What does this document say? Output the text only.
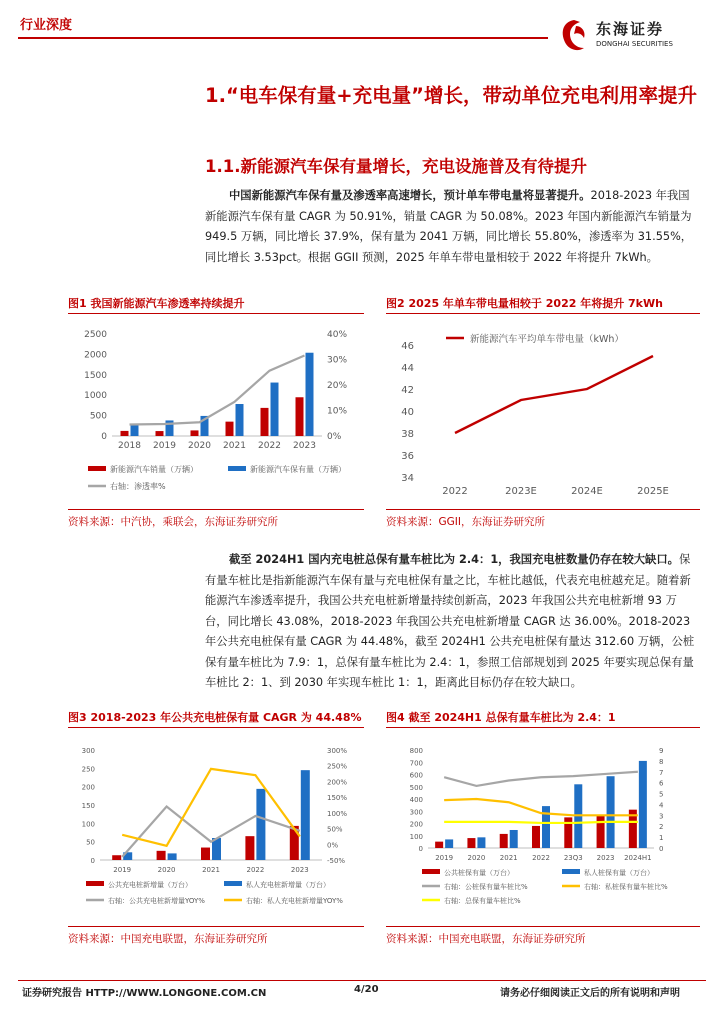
行业深度	东海证券
DONGHAI SECURITIES
1.“电车保有量+充电量”增长，带动单位充电利用率提升
1.1.新能源汽车保有量增长，充电设施普及有待提升
中国新能源汽车保有量及渗透率高速增长，预计单车带电量将显著提升。2018-2023 年我国新能源汽车保有量 CAGR 为 50.91%，销量 CAGR 为 50.08%。2023 年国内新能源汽车销量为 949.5 万辆，同比增长 37.9%，保有量为 2041 万辆，同比增长 55.80%，渗透率为 31.55%，同比增长 3.53pct。根据 GGII 预测，2025 年单车带电量相较于 2022 年将提升 7kWh。
图1 我国新能源汽车渗透率持续提升
0
500
1000
1500
2000
2500
0%
10%
20%
30%
40%
2018 2019 2020 2021 2022 2023
新能源汽车销量（万辆）	新能源汽车保有量（万辆）
右轴：渗透率%
资料来源：中汽协，乘联会，东海证券研究所
图2 2025 年单车带电量相较于 2022 年将提升 7kWh
34
36
38
40
42
44
46
2022	2023E	2024E	2025E
新能源汽车平均单车带电量（kWh）
资料来源：GGII，东海证券研究所
截至 2024H1 国内充电桩总保有量车桩比为 2.4：1，我国充电桩数量仍存在较大缺口。保有量车桩比是指新能源汽车保有量与充电桩保有量之比，车桩比越低，代表充电桩越充足。随着新能源汽车渗透率提升，我国公共充电桩新增量持续创新高，2023 年我国公共充电桩新增 93 万台，同比增长 43.08%，2018-2023 年我国公共充电桩新增量 CAGR 达 36.00%。2018-2023 年公共充电桩保有量 CAGR 为 44.48%，截至 2024H1 公共充电桩保有量达 312.60 万辆，公桩保有量车桩比为 7.9：1，总保有量车桩比为 2.4：1，参照工信部规划到 2025 年要实现总保有量车桩比 2：1、到 2030 年实现车桩比 1：1，距离此目标仍存在较大缺口。
图3 2018-2023 年公共充电桩保有量 CAGR 为 44.48%
0
50
100
150
200
250
300
-50%
0%
50%
100%
150%
200%
250%
300%
2019	2020	2021	2022	2023
公共充电桩新增量（万台）	私人充电桩新增量（万台）
右轴：公共充电桩新增量YOY%	右轴：私人充电桩新增量YOY%
资料来源：中国充电联盟，东海证券研究所
图4 截至 2024H1 总保有量车桩比为 2.4：1
0
100
200
300
400
500
600
700
800
0
1
2
3
4
5
6
7
8
9
2019 2020 2021 2022 23Q3 2023 2024H1
公共桩保有量（万台）	私人桩保有量（万台）
右轴：公桩保有量车桩比%	右轴：私桩保有量车桩比%
右轴：总保有量车桩比%
资料来源：中国充电联盟，东海证券研究所
证券研究报告 HTTP://WWW.LONGONE.COM.CN	4/20	请务必仔细阅读正文后的所有说明和声明
